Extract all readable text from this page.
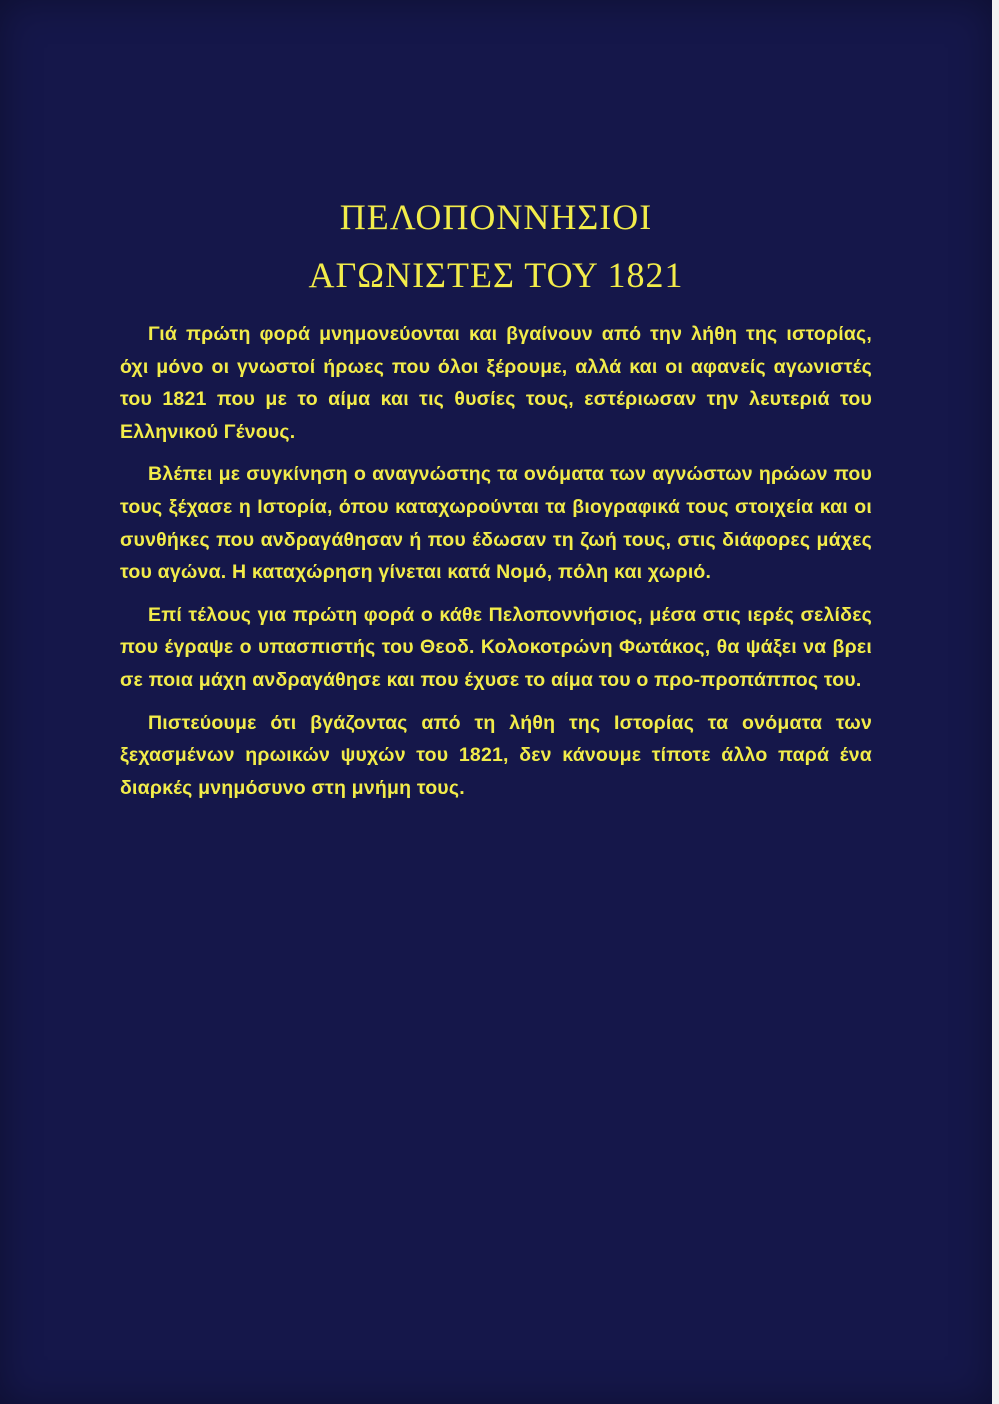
ΠΕΛΟΠΟΝΝΗΣΙΟΙ
ΑΓΩΝΙΣΤΕΣ ΤΟΥ 1821

Γιά πρώτη φορά μνημονεύονται και βγαίνουν από την λήθη της ιστορίας, όχι μόνο οι γνωστοί ήρωες που όλοι ξέρουμε, αλλά και οι αφανείς αγωνιστές του 1821 που με το αίμα και τις θυσίες τους, εστέριωσαν την λευτεριά του Ελληνικού Γένους.

Βλέπει με συγκίνηση ο αναγνώστης τα ονόματα των αγνώστων ηρώων που τους ξέχασε η Ιστορία, όπου καταχωρούνται τα βιογραφικά τους στοιχεία και οι συνθήκες που ανδραγάθησαν ή που έδωσαν τη ζωή τους, στις διάφορες μάχες του αγώνα. Η καταχώρηση γίνεται κατά Νομό, πόλη και χωριό.

Επί τέλους για πρώτη φορά ο κάθε Πελοποννήσιος, μέσα στις ιερές σελίδες που έγραψε ο υπασπιστής του Θεοδ. Κολοκοτρώνη Φωτάκος, θα ψάξει να βρει σε ποια μάχη ανδραγάθησε και που έχυσε το αίμα του ο προ-προπάππος του.

Πιστεύουμε ότι βγάζοντας από τη λήθη της Ιστορίας τα ονόματα των ξεχασμένων ηρωικών ψυχών του 1821, δεν κάνουμε τίποτε άλλο παρά ένα διαρκές μνημόσυνο στη μνήμη τους.
